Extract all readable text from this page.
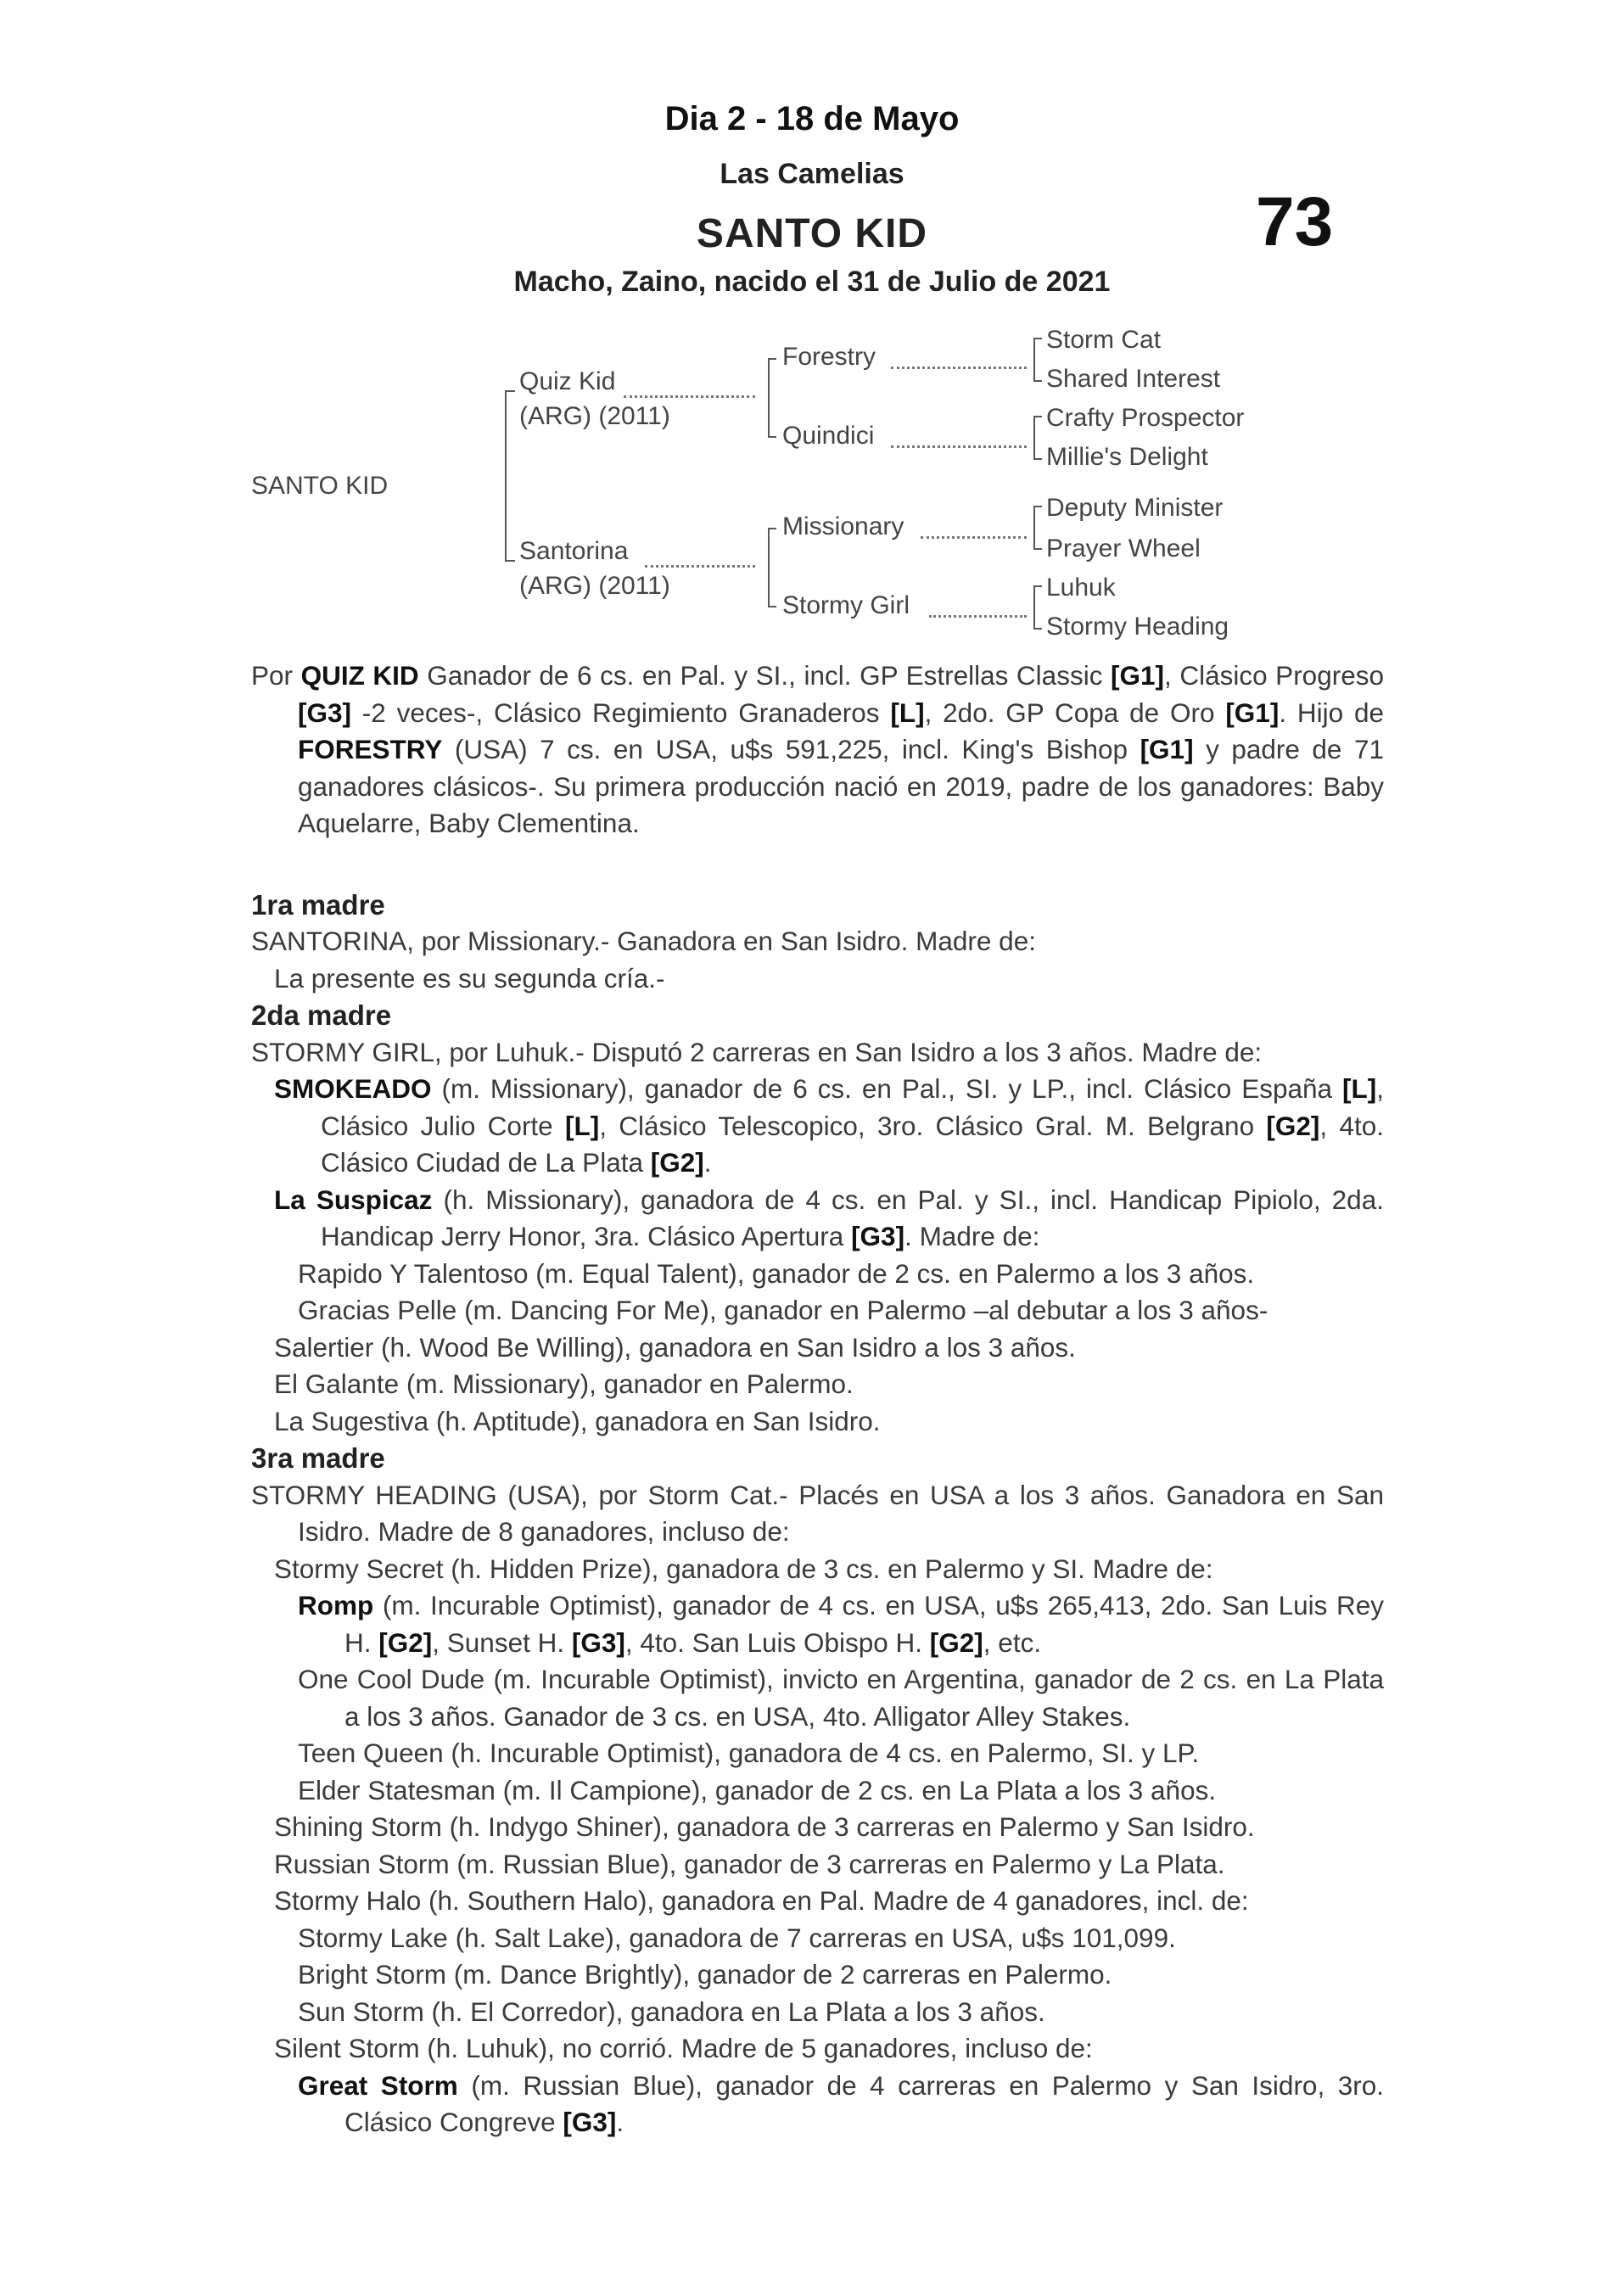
Dia 2 - 18 de Mayo
Las Camelias
SANTO KID
Macho, Zaino, nacido el 31 de Julio de 2021
73
SANTO KID
Quiz Kid
(ARG) (2011)
Santorina
(ARG) (2011)
Forestry
Quindici
Missionary
Stormy Girl
Storm Cat
Shared Interest
Crafty Prospector
Millie's Delight
Deputy Minister
Prayer Wheel
Luhuk
Stormy Heading

Por QUIZ KID Ganador de 6 cs. en Pal. y SI., incl. GP Estrellas Classic [G1], Clásico Progreso [G3] -2 veces-, Clásico Regimiento Granaderos [L], 2do. GP Copa de Oro [G1]. Hijo de FORESTRY (USA) 7 cs. en USA, u$s 591,225, incl. King's Bishop [G1] y padre de 71 ganadores clásicos-. Su primera producción nació en 2019, padre de los ganadores: Baby Aquelarre, Baby Clementina.

1ra madre

SANTORINA, por Missionary.- Ganadora en San Isidro. Madre de:

La presente es su segunda cría.-

2da madre

STORMY GIRL, por Luhuk.- Disputó 2 carreras en San Isidro a los 3 años. Madre de:

SMOKEADO (m. Missionary), ganador de 6 cs. en Pal., SI. y LP., incl. Clásico España [L], Clásico Julio Corte [L], Clásico Telescopico, 3ro. Clásico Gral. M. Belgrano [G2], 4to. Clásico Ciudad de La Plata [G2].

La Suspicaz (h. Missionary), ganadora de 4 cs. en Pal. y SI., incl. Handicap Pipiolo, 2da. Handicap Jerry Honor, 3ra. Clásico Apertura [G3]. Madre de:

Rapido Y Talentoso (m. Equal Talent), ganador de 2 cs. en Palermo a los 3 años.

Gracias Pelle (m. Dancing For Me), ganador en Palermo –al debutar a los 3 años-

Salertier (h. Wood Be Willing), ganadora en San Isidro a los 3 años.

El Galante (m. Missionary), ganador en Palermo.

La Sugestiva (h. Aptitude), ganadora en San Isidro.

3ra madre

STORMY HEADING (USA), por Storm Cat.- Placés en USA a los 3 años. Ganadora en San Isidro. Madre de 8 ganadores, incluso de:

Stormy Secret (h. Hidden Prize), ganadora de 3 cs. en Palermo y SI. Madre de:

Romp (m. Incurable Optimist), ganador de 4 cs. en USA, u$s 265,413, 2do. San Luis Rey H. [G2], Sunset H. [G3], 4to. San Luis Obispo H. [G2], etc.

One Cool Dude (m. Incurable Optimist), invicto en Argentina, ganador de 2 cs. en La Plata a los 3 años. Ganador de 3 cs. en USA, 4to. Alligator Alley Stakes.

Teen Queen (h. Incurable Optimist), ganadora de 4 cs. en Palermo, SI. y LP.

Elder Statesman (m. Il Campione), ganador de 2 cs. en La Plata a los 3 años.

Shining Storm (h. Indygo Shiner), ganadora de 3 carreras en Palermo y San Isidro.

Russian Storm (m. Russian Blue), ganador de 3 carreras en Palermo y La Plata.

Stormy Halo (h. Southern Halo), ganadora en Pal. Madre de 4 ganadores, incl. de:

Stormy Lake (h. Salt Lake), ganadora de 7 carreras en USA, u$s 101,099.

Bright Storm (m. Dance Brightly), ganador de 2 carreras en Palermo.

Sun Storm (h. El Corredor), ganadora en La Plata a los 3 años.

Silent Storm (h. Luhuk), no corrió. Madre de 5 ganadores, incluso de:

Great Storm (m. Russian Blue), ganador de 4 carreras en Palermo y San Isidro, 3ro. Clásico Congreve [G3].
